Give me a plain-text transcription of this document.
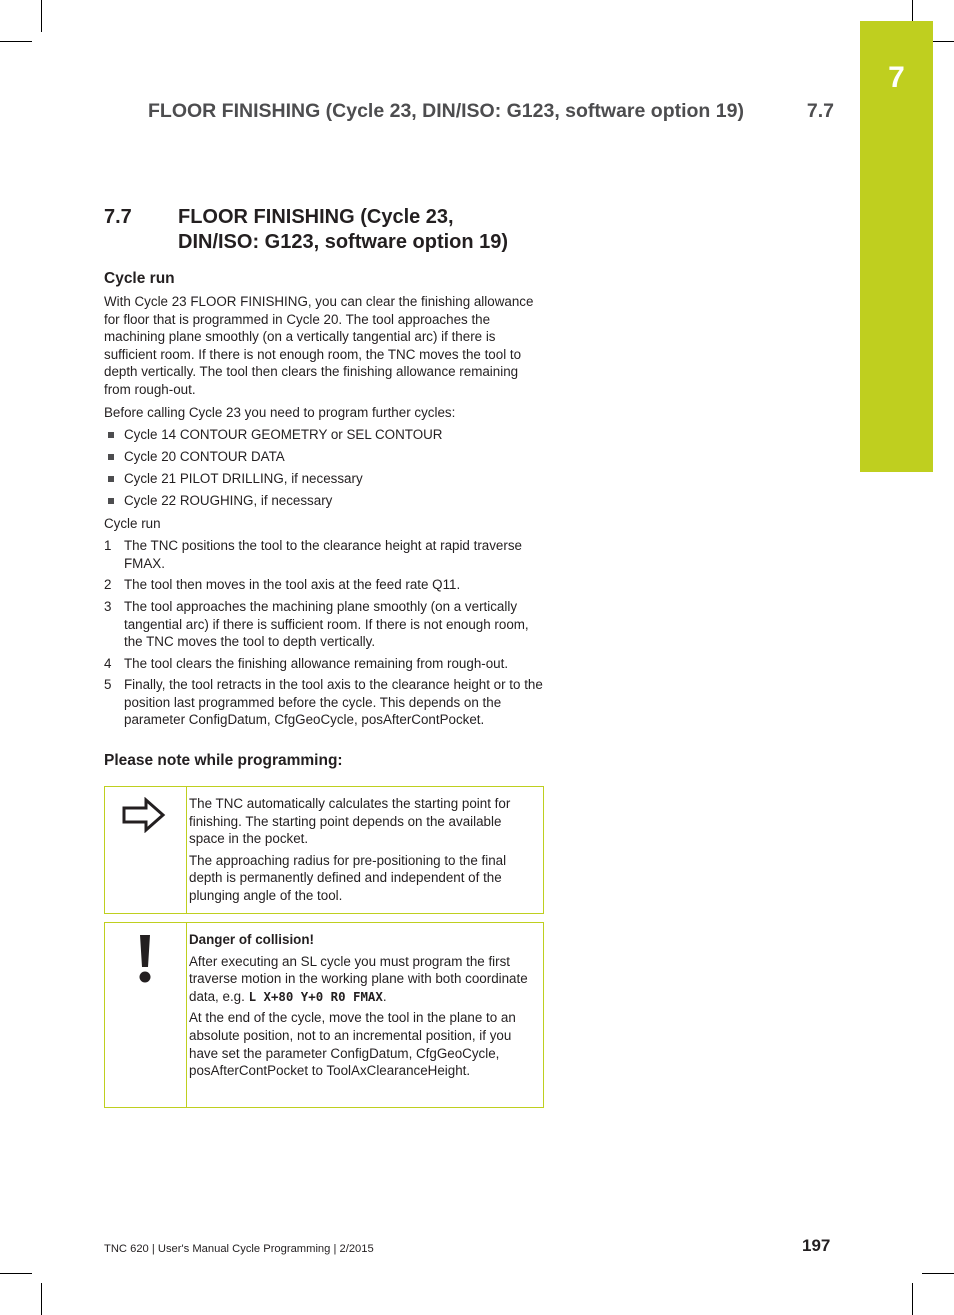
7
FLOOR FINISHING (Cycle 23, DIN/ISO: G123, software option 19)	7.7
7.7	FLOOR FINISHING (Cycle 23,
DIN/ISO: G123, software option 19)
Cycle run

With Cycle 23 FLOOR FINISHING, you can clear the finishing allowance for floor that is programmed in Cycle 20. The tool approaches the machining plane smoothly (on a vertically tangential arc) if there is sufficient room. If there is not enough room, the TNC moves the tool to depth vertically. The tool then clears the finishing allowance remaining from rough-out.

Before calling Cycle 23 you need to program further cycles:

Cycle 14 CONTOUR GEOMETRY or SEL CONTOUR
Cycle 20 CONTOUR DATA
Cycle 21 PILOT DRILLING, if necessary
Cycle 22 ROUGHING, if necessary

Cycle run

1 The TNC positions the tool to the clearance height at rapid traverse FMAX.
2 The tool then moves in the tool axis at the feed rate Q11.
3 The tool approaches the machining plane smoothly (on a vertically tangential arc) if there is sufficient room. If there is not enough room, the TNC moves the tool to depth vertically.
4 The tool clears the finishing allowance remaining from rough-out.
5 Finally, the tool retracts in the tool axis to the clearance height or to the position last programmed before the cycle. This depends on the parameter ConfigDatum, CfgGeoCycle, posAfterContPocket.
Please note while programming:

The TNC automatically calculates the starting point for finishing. The starting point depends on the available space in the pocket.

The approaching radius for pre-positioning to the final depth is permanently defined and independent of the plunging angle of the tool.

Danger of collision!

After executing an SL cycle you must program the first traverse motion in the working plane with both coordinate data, e.g. L X+80 Y+0 R0 FMAX.

At the end of the cycle, move the tool in the plane to an absolute position, not to an incremental position, if you have set the parameter ConfigDatum, CfgGeoCycle, posAfterContPocket to ToolAxClearanceHeight.

TNC 620 | User's Manual Cycle Programming | 2/2015	197
